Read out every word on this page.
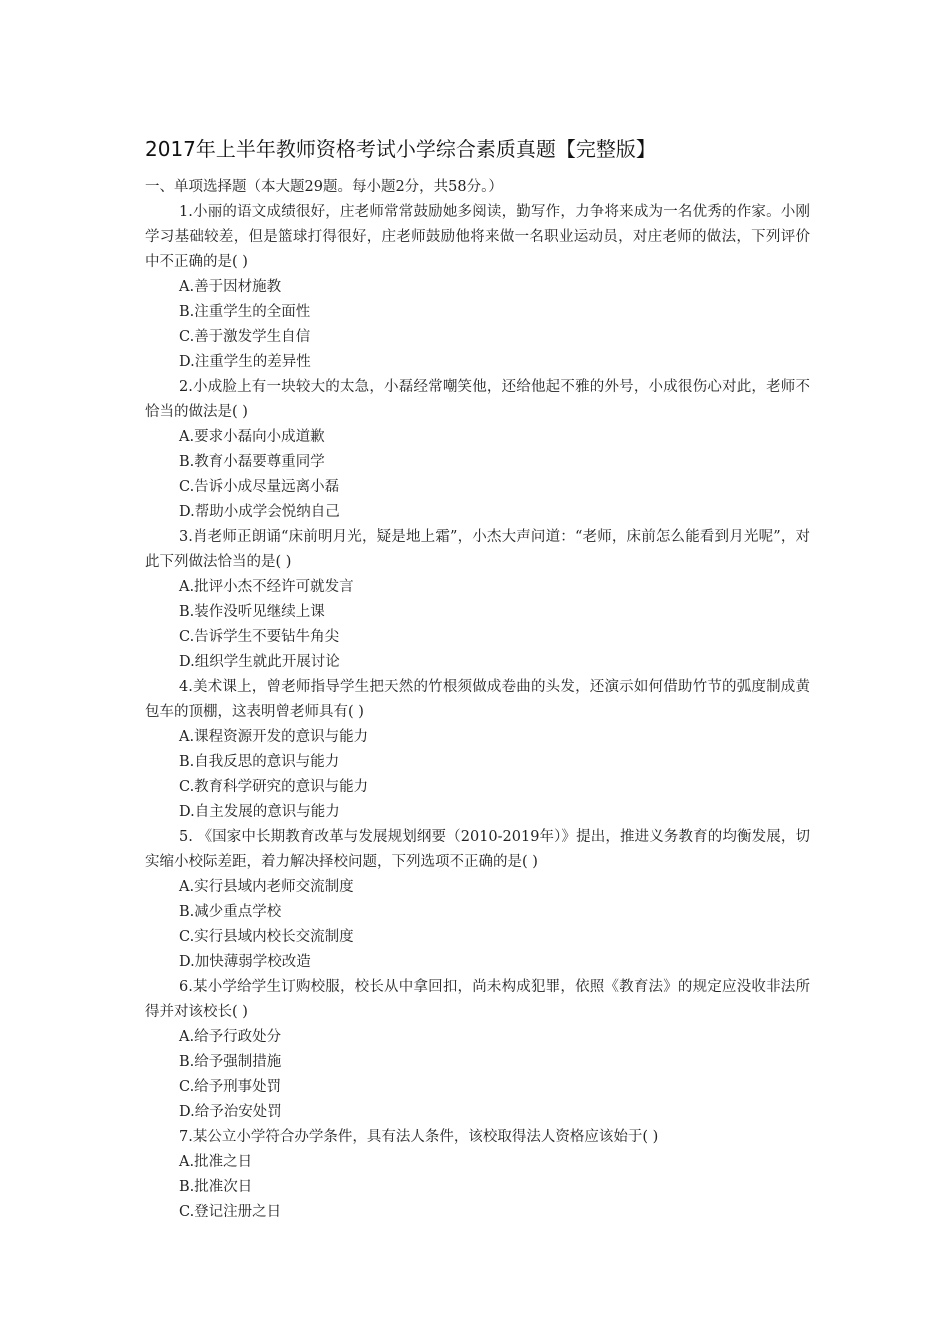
2017年上半年教师资格考试小学综合素质真题【完整版】
一、单项选择题（本大题29题。每小题2分，共58分。）
1.小丽的语文成绩很好，庄老师常常鼓励她多阅读，勤写作，力争将来成为一名优秀的作家。小刚学习基础较差，但是篮球打得很好，庄老师鼓励他将来做一名职业运动员，对庄老师的做法，下列评价中不正确的是( )
A.善于因材施教
B.注重学生的全面性
C.善于激发学生自信
D.注重学生的差异性
2.小成脸上有一块较大的太急，小磊经常嘲笑他，还给他起不雅的外号，小成很伤心对此，老师不恰当的做法是( )
A.要求小磊向小成道歉
B.教育小磊要尊重同学
C.告诉小成尽量远离小磊
D.帮助小成学会悦纳自己
3.肖老师正朗诵“床前明月光，疑是地上霜”，小杰大声问道：“老师，床前怎么能看到月光呢”，对此下列做法恰当的是( )
A.批评小杰不经许可就发言
B.装作没听见继续上课
C.告诉学生不要钻牛角尖
D.组织学生就此开展讨论
4.美术课上，曾老师指导学生把天然的竹根须做成卷曲的头发，还演示如何借助竹节的弧度制成黄包车的顶棚，这表明曾老师具有( )
A.课程资源开发的意识与能力
B.自我反思的意识与能力
C.教育科学研究的意识与能力
D.自主发展的意识与能力
5. 《国家中长期教育改革与发展规划纲要（2010-2019年）》提出，推进义务教育的均衡发展，切实缩小校际差距，着力解决择校问题，下列选项不正确的是( )
A.实行县域内老师交流制度
B.减少重点学校
C.实行县域内校长交流制度
D.加快薄弱学校改造
6.某小学给学生订购校服，校长从中拿回扣，尚未构成犯罪，依照《教育法》的规定应没收非法所得并对该校长( )
A.给予行政处分
B.给予强制措施
C.给予刑事处罚
D.给予治安处罚
7.某公立小学符合办学条件，具有法人条件，该校取得法人资格应该始于( )
A.批准之日
B.批准次日
C.登记注册之日
